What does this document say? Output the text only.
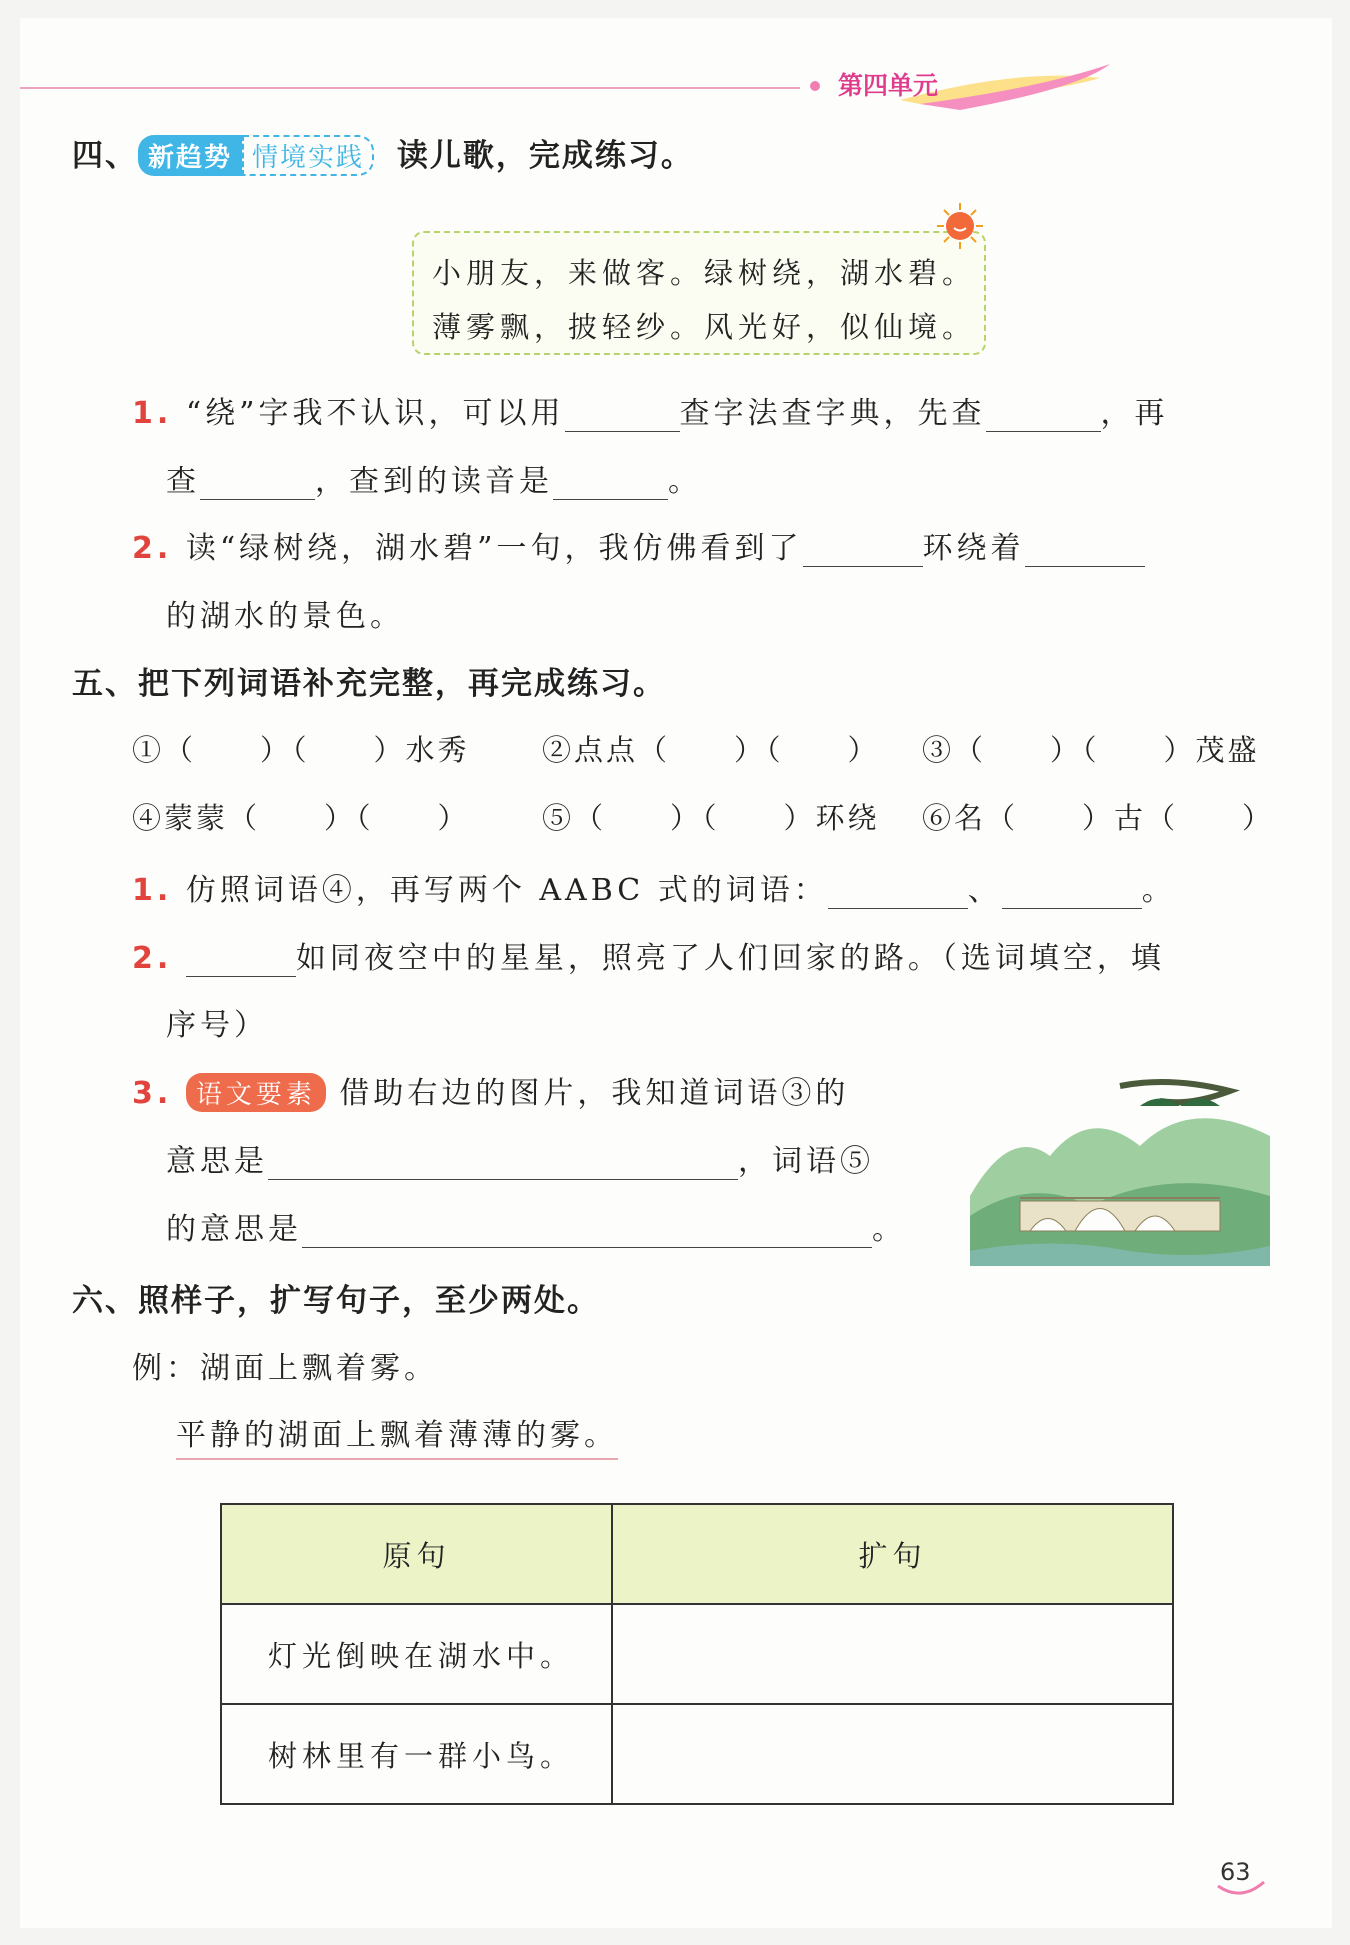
第四单元
四、 新趋势 情境实践 读儿歌，完成练习。
小朋友，来做客。绿树绕，湖水碧。
薄雾飘，披轻纱。风光好，似仙境。
1. “绕”字我不认识，可以用	查字法查字典，先查	，再
查	，查到的读音是	。
2. 读“绿树绕，湖水碧”一句，我仿佛看到了	环绕着
的湖水的景色。
五、把下列词语补充完整，再完成练习。
①（　　）（　　）水秀 ②点点（　　）（　　） ③（　　）（　　）茂盛
④蒙蒙（　　）（　　） ⑤（　　）（　　）环绕 ⑥名（　　）古（　　）
1. 仿照词语④，再写两个 AABC 式的词语：	、	。
2.	如同夜空中的星星，照亮了人们回家的路。（选词填空，填
序号）
3. 语文要素 借助右边的图片，我知道词语③的
意思是	，词语⑤
的意思是	。
六、照样子，扩写句子，至少两处。
例：湖面上飘着雾。
平静的湖面上飘着薄薄的雾。
原句	扩句
灯光倒映在湖水中。	
树林里有一群小鸟。	
63
